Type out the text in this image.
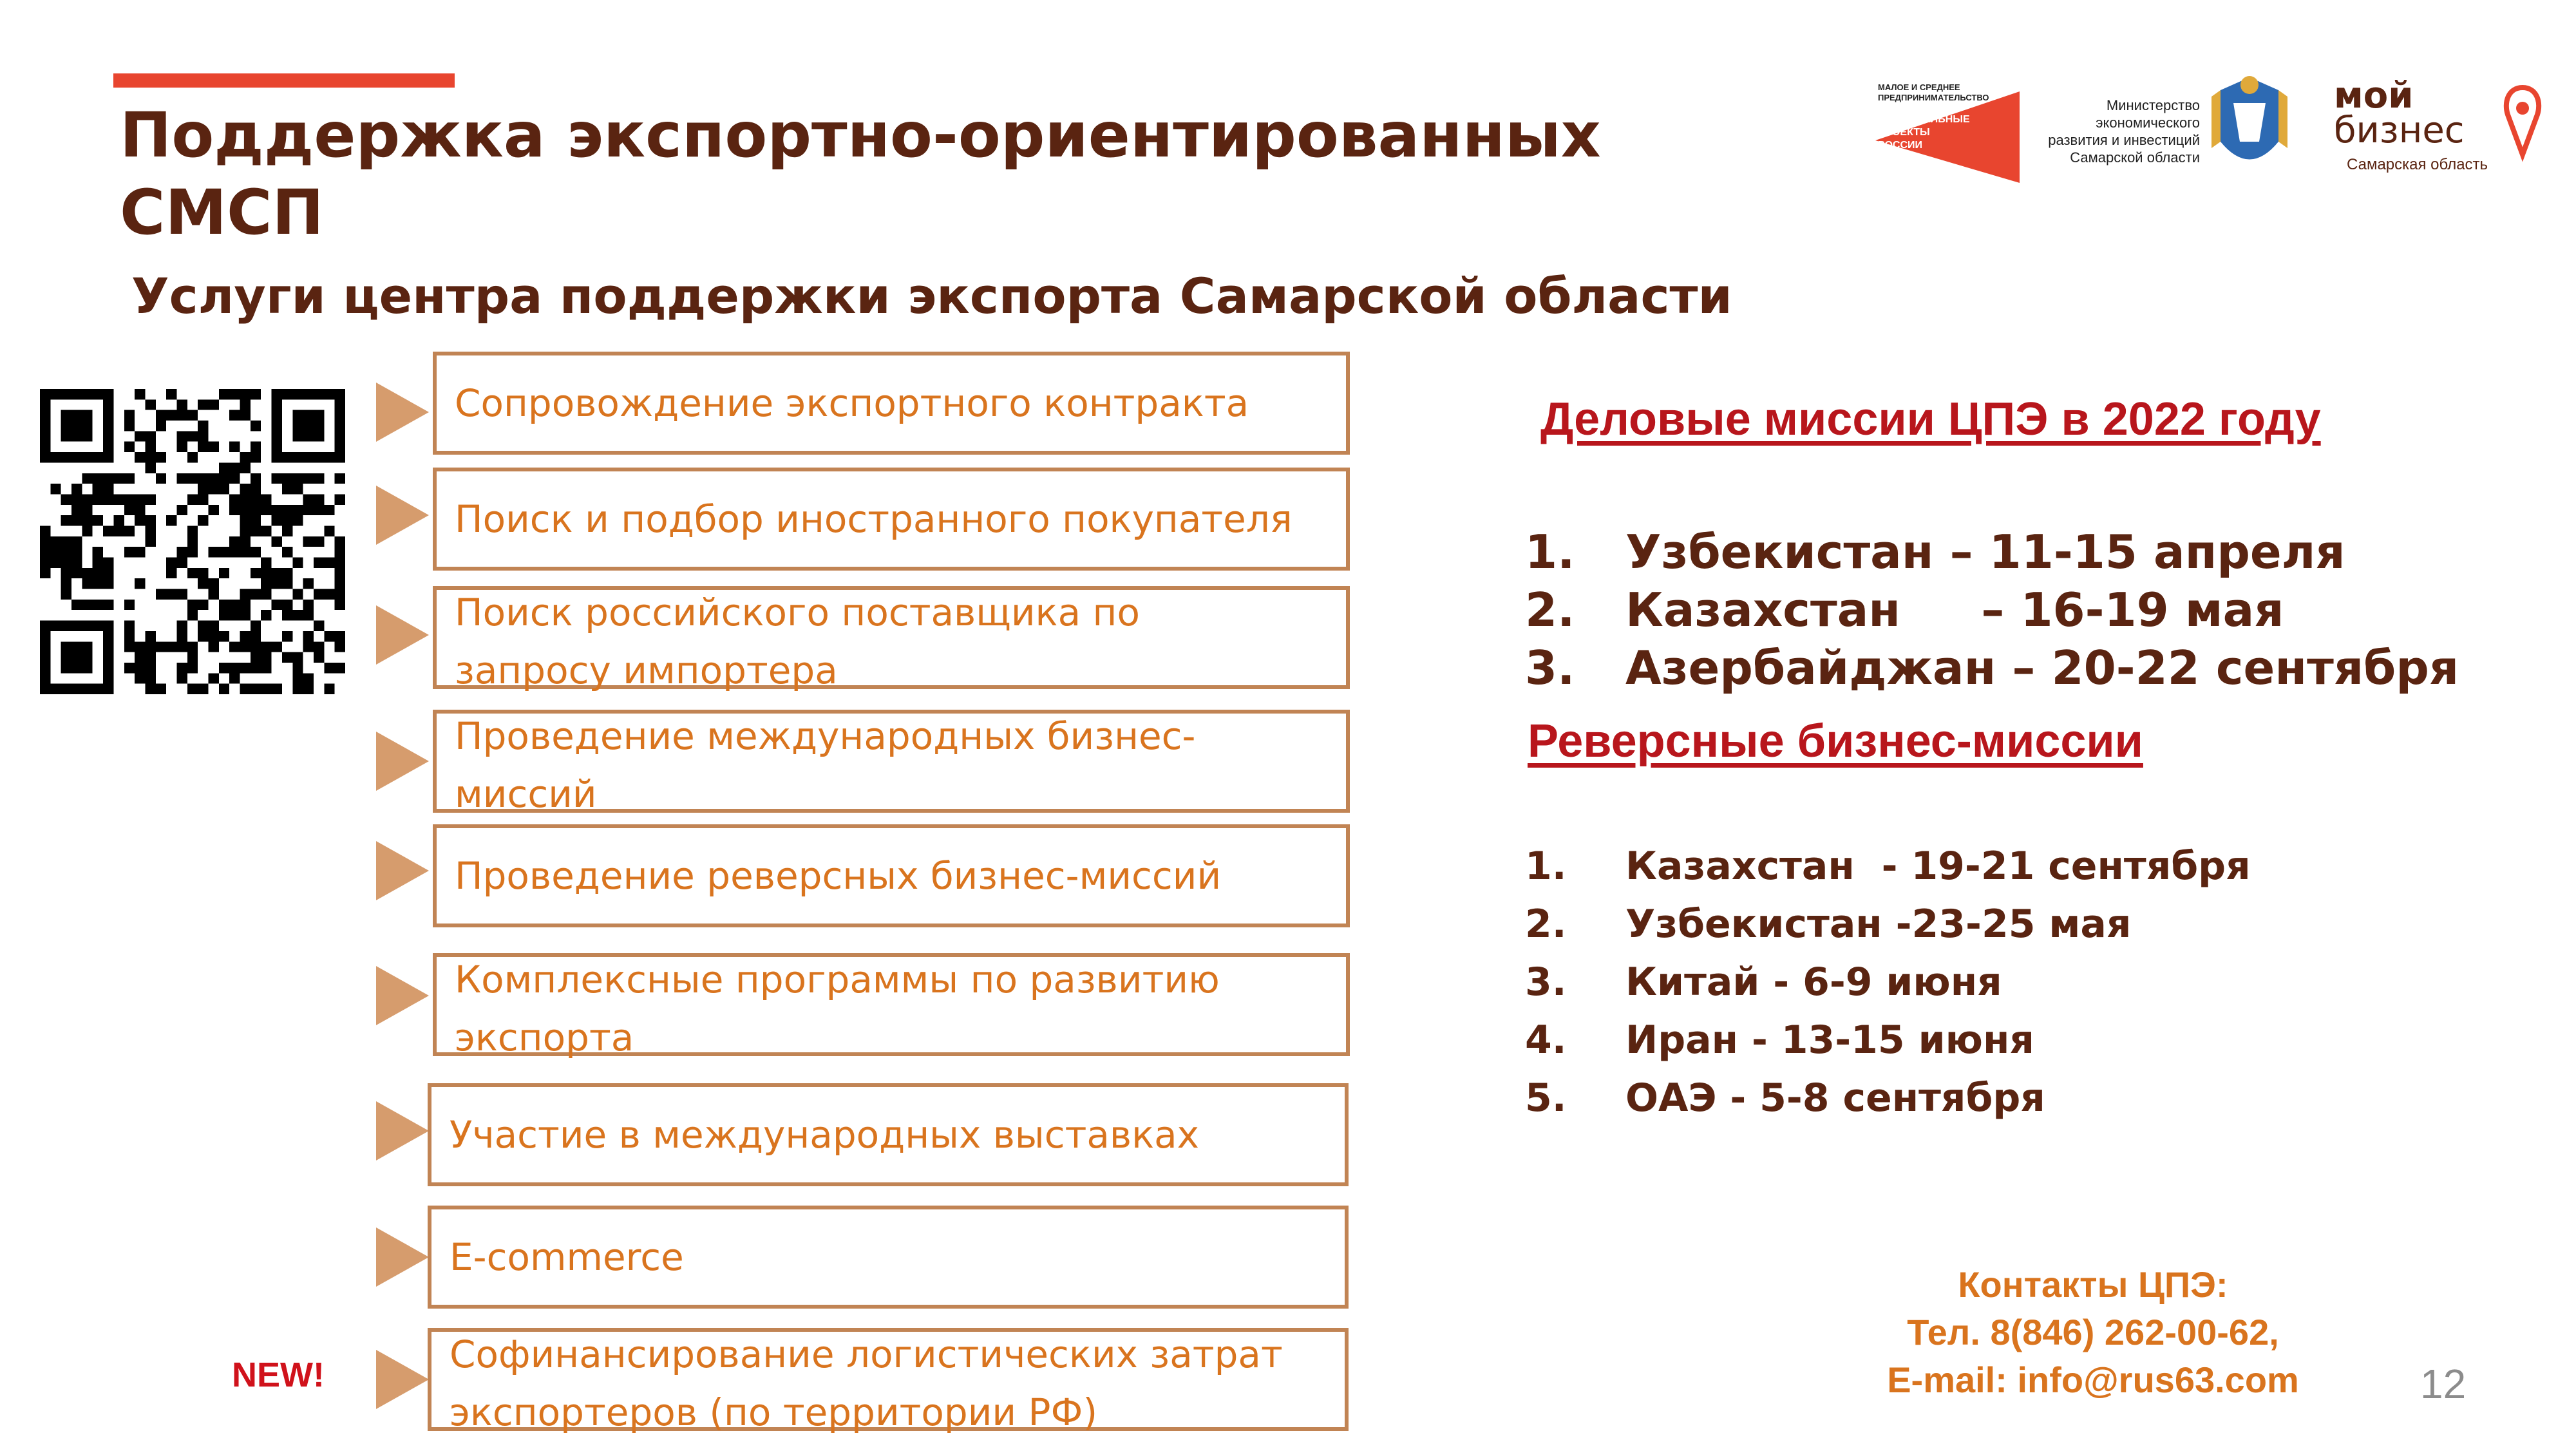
Поддержка экспортно-ориентированных СМСП
Услуги центра поддержки экспорта Самарской области
МАЛОЕ И СРЕДНЕЕ
ПРЕДПРИНИМАТЕЛЬСТВО
НАЦИОНАЛЬНЫЕ
ПРОЕКТЫ
РОССИИ
Министерство
экономического
развития и инвестиций
Самарской области
мой
бизнес
Самарская область
Сопровождение экспортного контракта
Поиск и подбор иностранного покупателя
Поиск российского поставщика по
запросу импортера
Проведение международных бизнес-
миссий
Проведение реверсных бизнес-миссий
Комплексные программы по развитию
экспорта
Участие в международных выставках
E-commerce
NEW!	Софинансирование логистических затрат
экспортеров (по территории РФ)
Деловые миссии ЦПЭ в 2022 году
1.	Узбекистан – 11-15 апреля
2.	Казахстан     – 16-19 мая
3.	Азербайджан – 20-22 сентября
Реверсные бизнес-миссии
1.	Казахстан  - 19-21 сентября
2.	Узбекистан -23-25 мая
3.	Китай - 6-9 июня
4.	Иран - 13-15 июня
5.	ОАЭ - 5-8 сентября
Контакты ЦПЭ:
Тел. 8(846) 262-00-62,
E-mail: info@rus63.com	12
